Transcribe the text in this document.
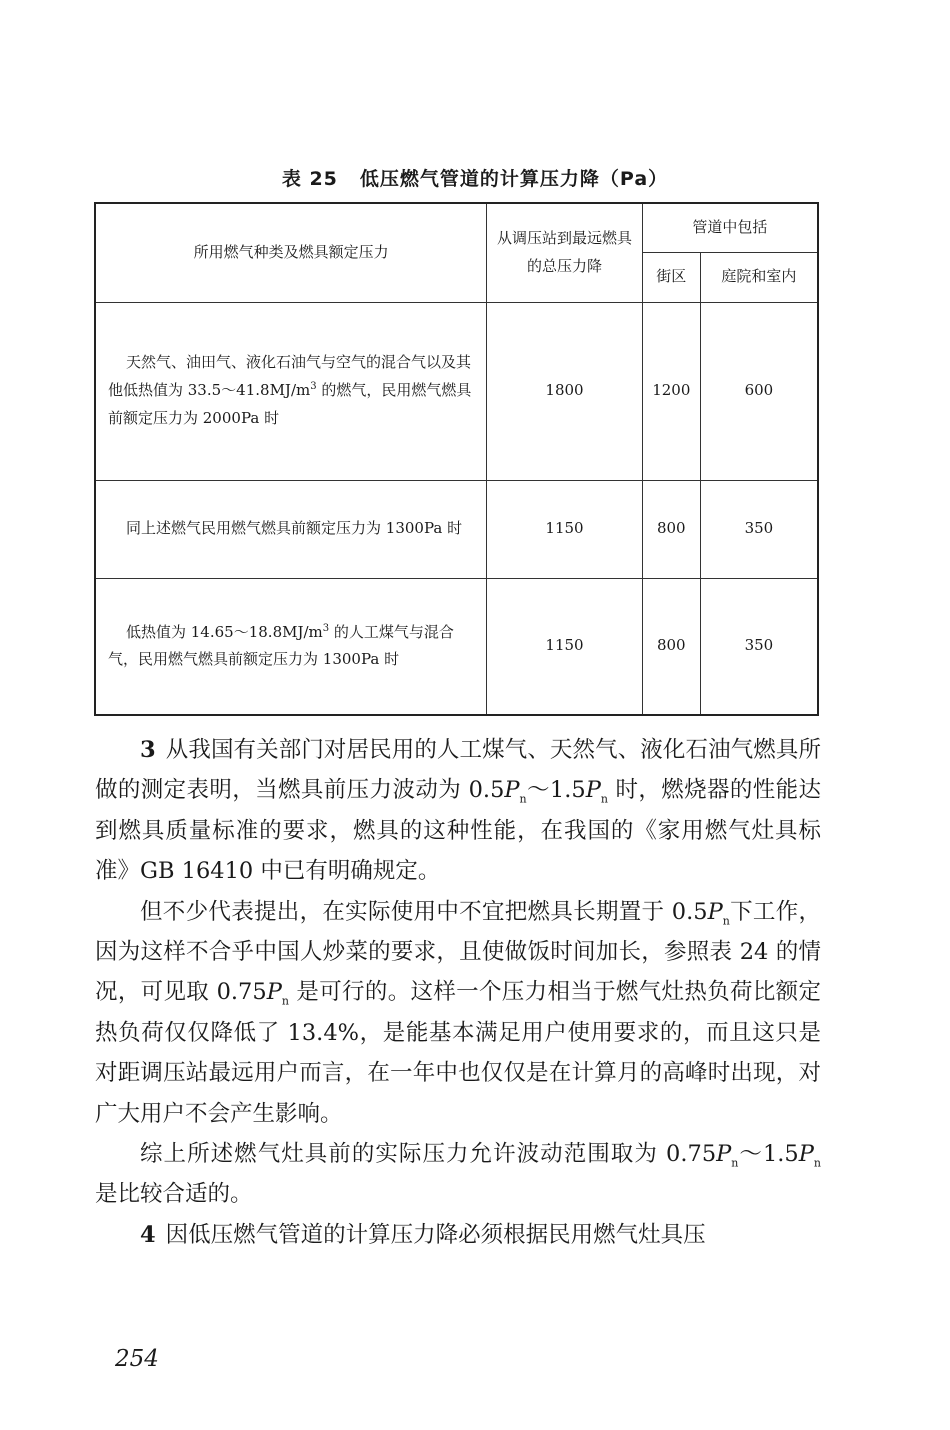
表 25 低压燃气管道的计算压力降（Pa）
所用燃气种类及燃具额定压力	从调压站到最远燃具的总压力降	管道中包括	
		街区	庭院和室内
天然气、油田气、液化石油气与空气的混合气以及其他低热值为 $33.5\sim 41.8MJ/m^3$ 的燃气，民用燃气燃具前额定压力为 2000Pa 时	1800	1200	600
同上述燃气民用燃气燃具前额定压力为 1300Pa 时	1150	800	350
低热值为 $14.65\sim 18.8MJ/m^3$ 的人工煤气与混合气，民用燃气燃具前额定压力为 1300Pa 时	1150	800	350

3 从我国有关部门对居民用的人工煤气、天然气、液化石油气燃具所做的测定表明，当燃具前压力波动为 $0.5P_n\sim 1.5P_n$ 时，燃烧器的性能达到燃具质量标准的要求，燃具的这种性能，在我国的《家用燃气灶具标准》GB 16410 中已有明确规定。

但不少代表提出，在实际使用中不宜把燃具长期置于 $0.5P_n$下工作，因为这样不合乎中国人炒菜的要求，且使做饭时间加长，参照表 24 的情况，可见取 $0.75P_n$ 是可行的。这样一个压力相当于燃气灶热负荷比额定热负荷仅仅降低了 13.4%，是能基本满足用户使用要求的，而且这只是对距调压站最远用户而言，在一年中也仅仅是在计算月的高峰时出现，对广大用户不会产生影响。

综上所述燃气灶具前的实际压力允许波动范围取为 $0.75P_n\sim 1.5P_n$ 是比较合适的。

4 因低压燃气管道的计算压力降必须根据民用燃气灶具压

254
